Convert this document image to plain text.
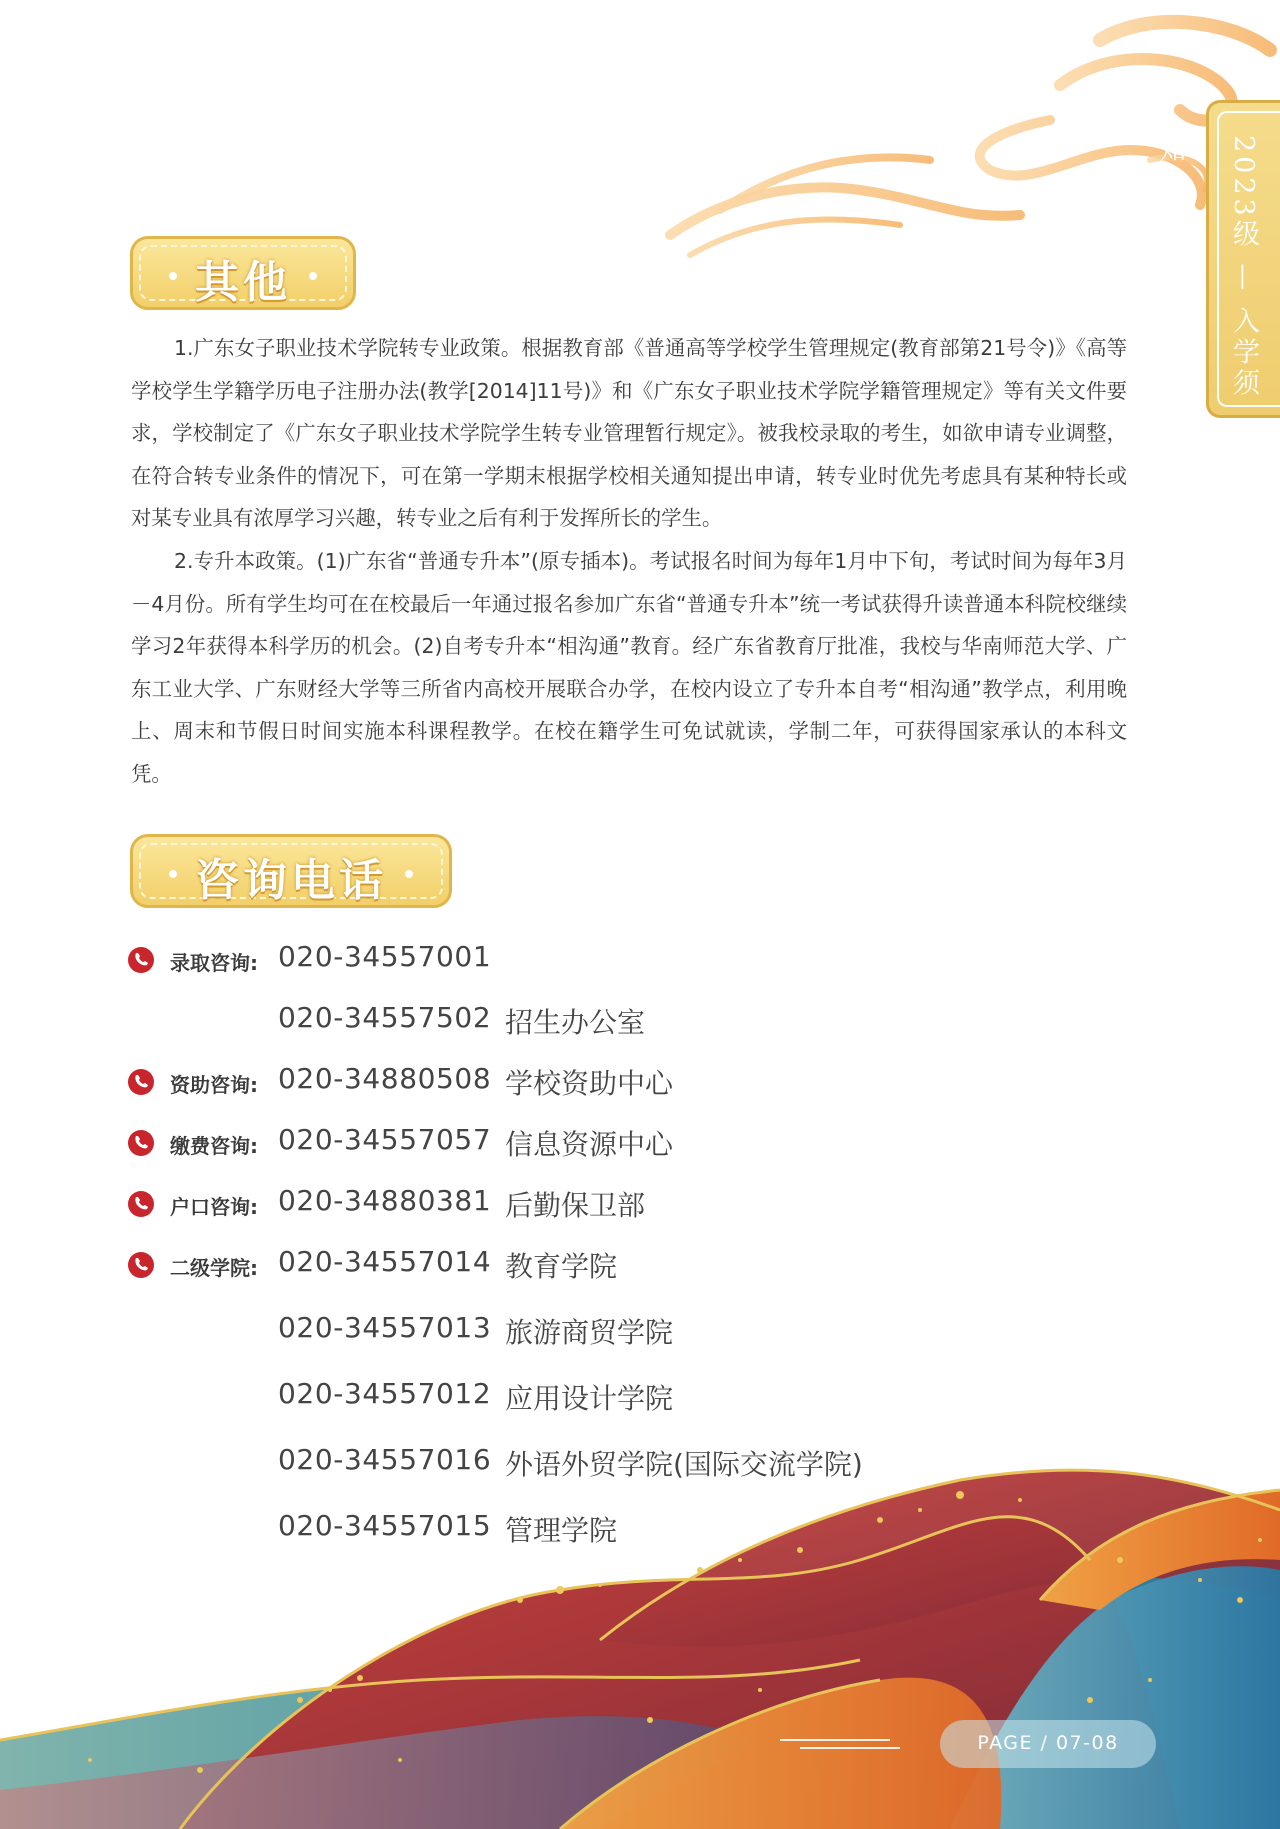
2023级 — 入学须知
其他

1.广东女子职业技术学院转专业政策。根据教育部《普通高等学校学生管理规定(教育部第21号令)》《高等学校学生学籍学历电子注册办法(教学[2014]11号)》和《广东女子职业技术学院学籍管理规定》等有关文件要求，学校制定了《广东女子职业技术学院学生转专业管理暂行规定》。被我校录取的考生，如欲申请专业调整，在符合转专业条件的情况下，可在第一学期末根据学校相关通知提出申请，转专业时优先考虑具有某种特长或对某专业具有浓厚学习兴趣，转专业之后有利于发挥所长的学生。

2.专升本政策。(1)广东省“普通专升本”(原专插本)。考试报名时间为每年1月中下旬，考试时间为每年3月－4月份。所有学生均可在在校最后一年通过报名参加广东省“普通专升本”统一考试获得升读普通本科院校继续学习2年获得本科学历的机会。(2)自考专升本“相沟通”教育。经广东省教育厅批准，我校与华南师范大学、广东工业大学、广东财经大学等三所省内高校开展联合办学，在校内设立了专升本自考“相沟通”教学点，利用晚上、周末和节假日时间实施本科课程教学。在校在籍学生可免试就读，学制二年，可获得国家承认的本科文凭。

咨询电话
录取咨询: 020-34557001
020-34557502 招生办公室
资助咨询: 020-34880508 学校资助中心
缴费咨询: 020-34557057 信息资源中心
户口咨询: 020-34880381 后勤保卫部
二级学院: 020-34557014 教育学院
020-34557013 旅游商贸学院
020-34557012 应用设计学院
020-34557016 外语外贸学院(国际交流学院)
020-34557015 管理学院
PAGE / 07-08
